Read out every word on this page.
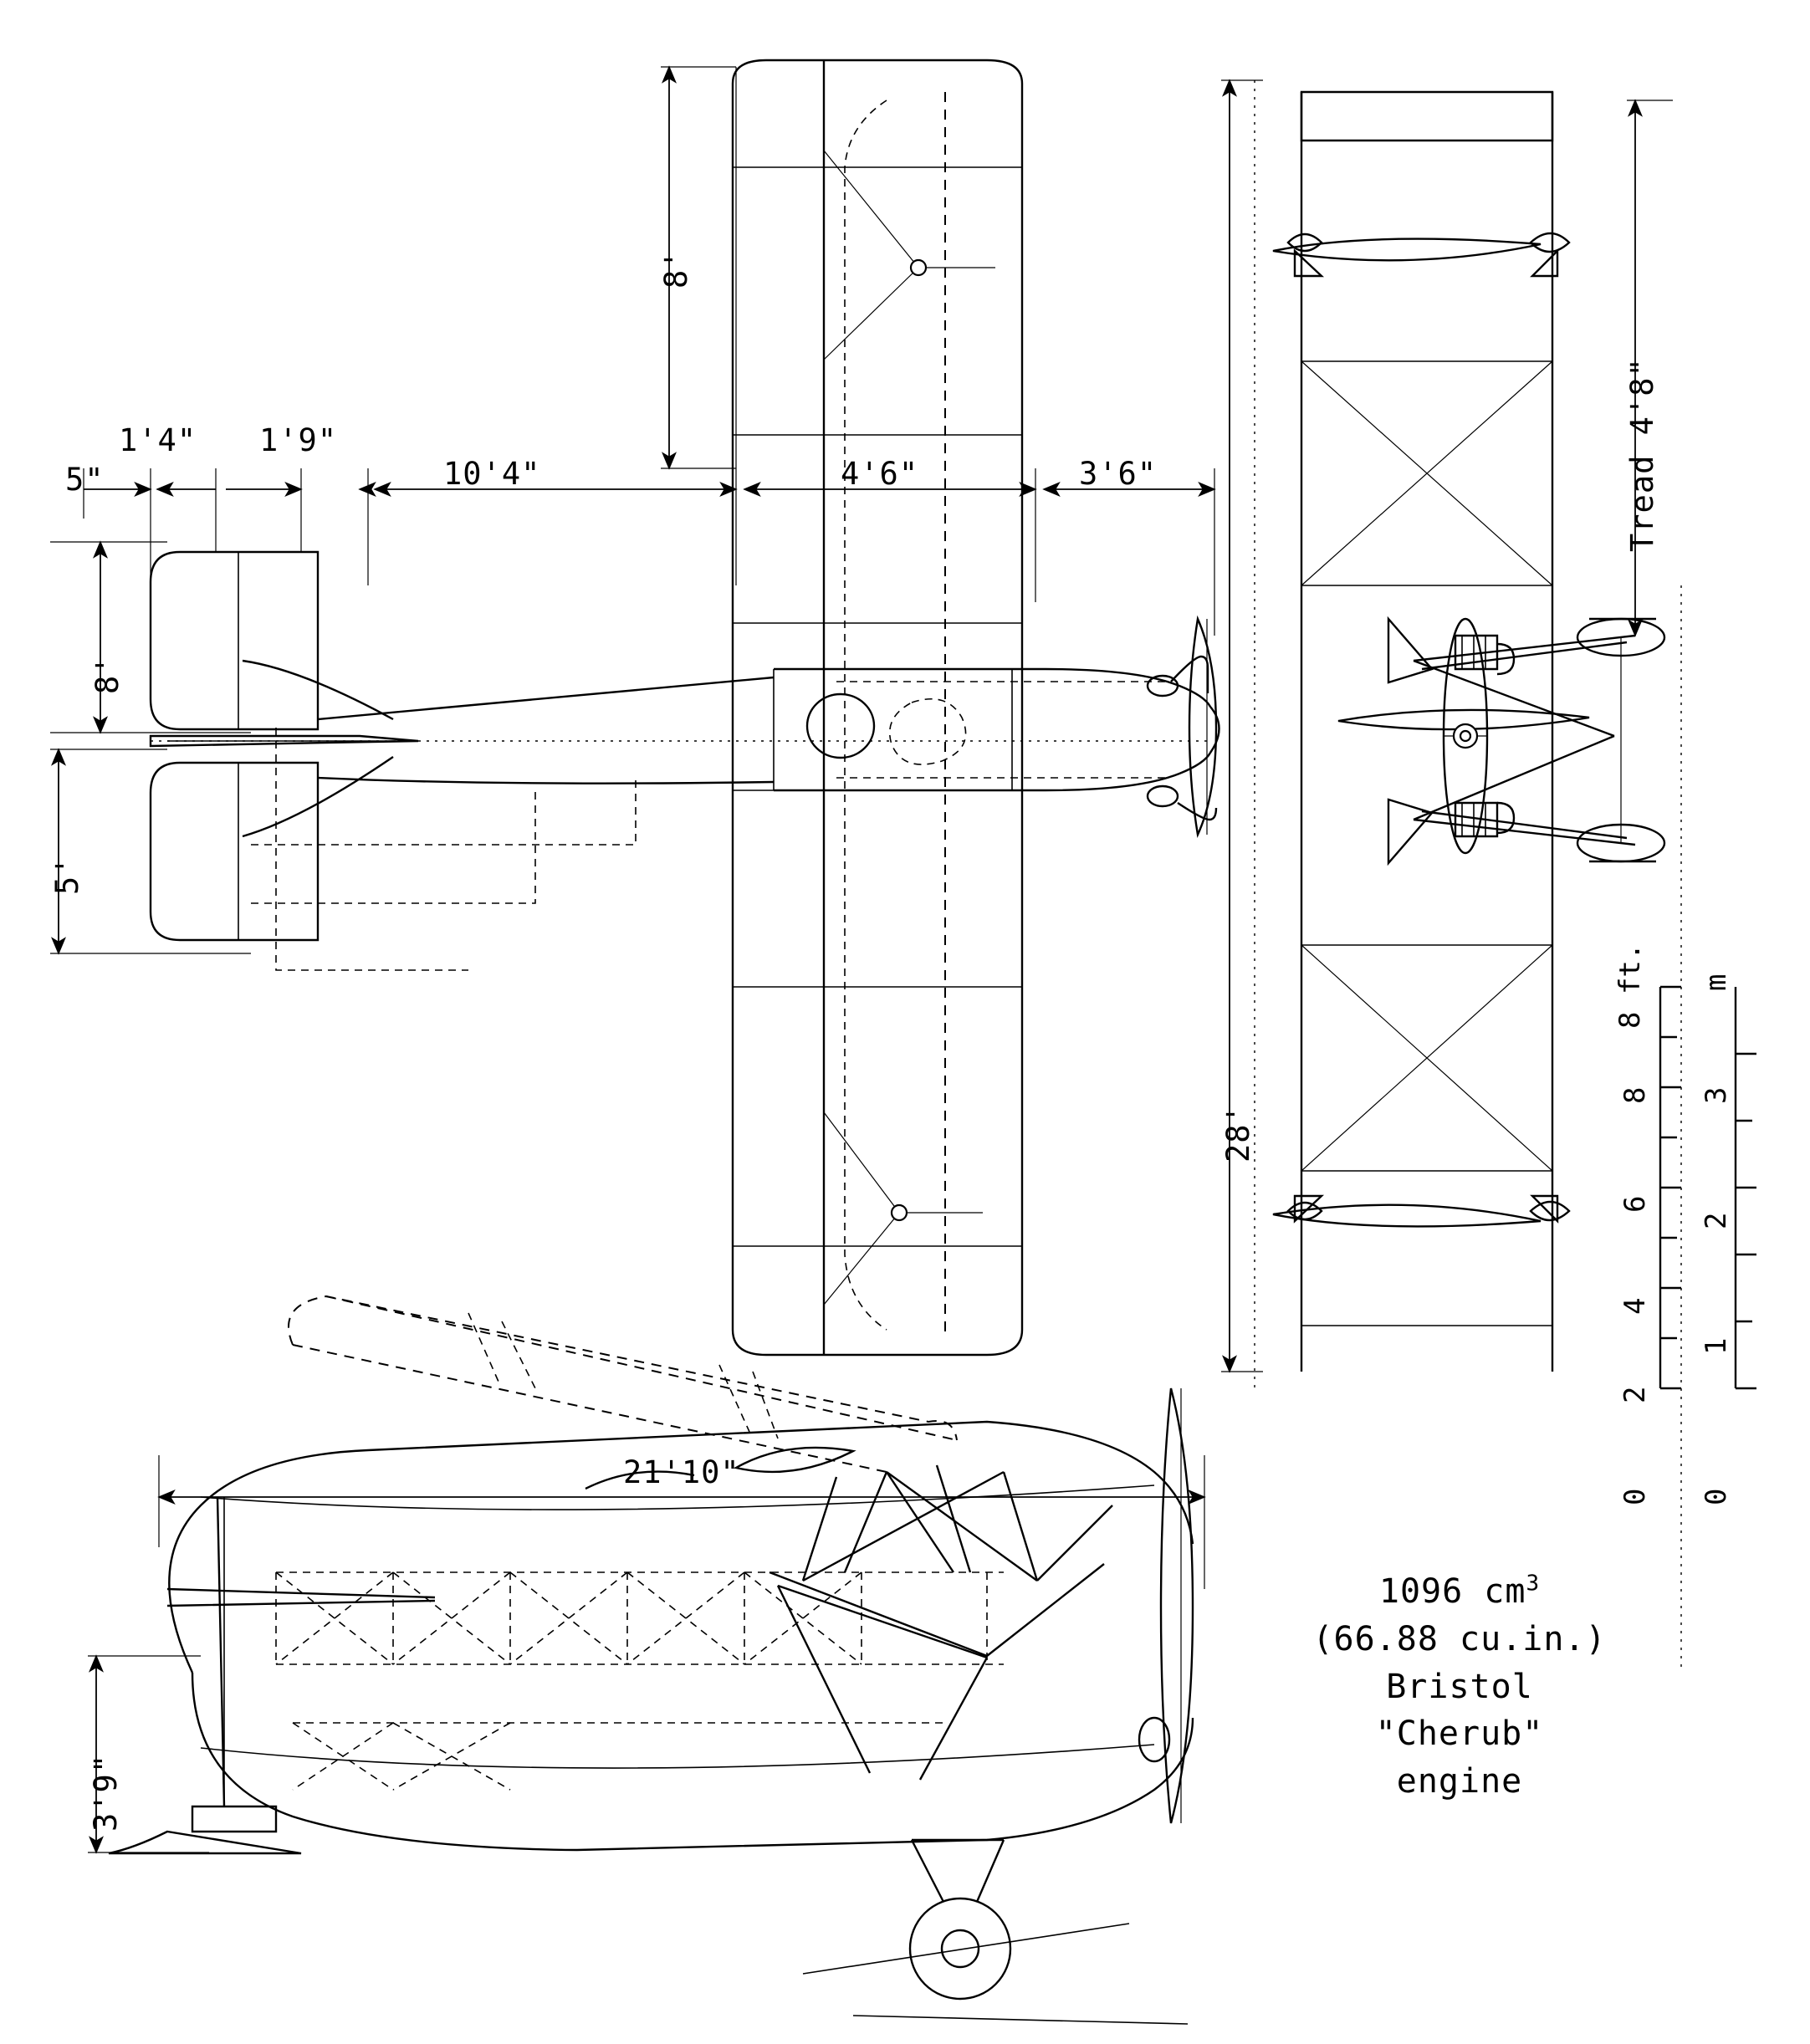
8'
5"
1'4" 1'9"
10'4"	4'6"	3'6"
8'
5'
28'
Tread 4'8"
21'10"
3'9"
8 ft. m
8
6
4
2
0
3
2
1
0
1096 $cm^3$
(66.88 cu.in.)
Bristol
"Cherub"
engine
